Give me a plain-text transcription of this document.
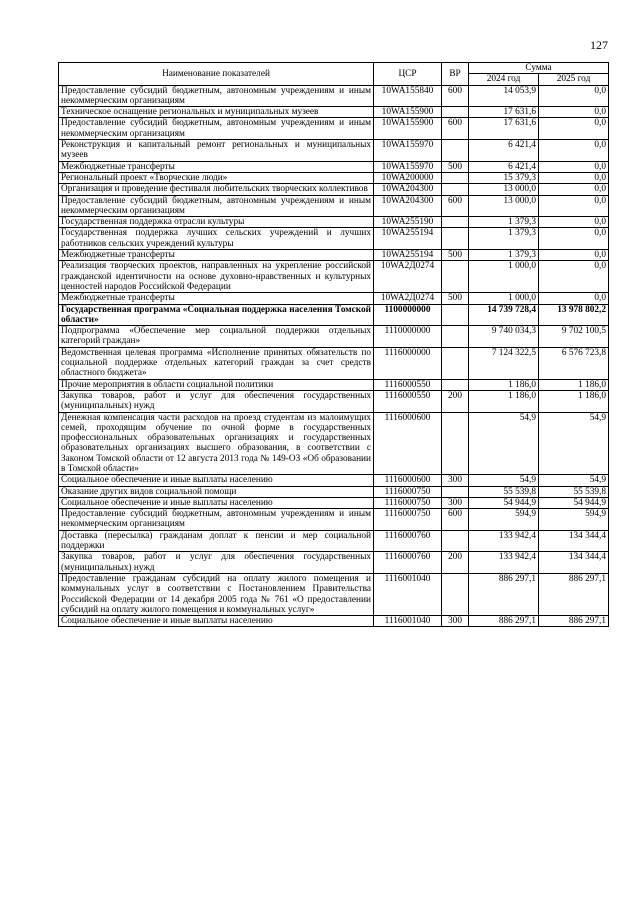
127
Наименование показателей	ЦСР	ВР	Сумма	
			2024 год	2025 год
Предоставление субсидий бюджетным, автономным учреждениям и иным некоммерческим организациям	10WA155840	600	14 053,9	0,0
Техническое оснащение региональных и муниципальных музеев	10WA155900		17 631,6	0,0
Предоставление субсидий бюджетным, автономным учреждениям и иным некоммерческим организациям	10WA155900	600	17 631,6	0,0
Реконструкция и капитальный ремонт региональных и муниципальных музеев	10WA155970		6 421,4	0,0
Межбюджетные трансферты	10WA155970	500	6 421,4	0,0
Региональный проект «Творческие люди»	10WA200000		15 379,3	0,0
Организация и проведение фестиваля любительских творческих коллективов	10WA204300		13 000,0	0,0
Предоставление субсидий бюджетным, автономным учреждениям и иным некоммерческим организациям	10WA204300	600	13 000,0	0,0
Государственная поддержка отрасли культуры	10WA255190		1 379,3	0,0
Государственная поддержка лучших сельских учреждений и лучших работников сельских учреждений культуры	10WA255194		1 379,3	0,0
Межбюджетные трансферты	10WA255194	500	1 379,3	0,0
Реализация творческих проектов, направленных на укрепление российской гражданской идентичности на основе духовно-нравственных и культурных ценностей народов Российской Федерации	10WA2Д0274		1 000,0	0,0
Межбюджетные трансферты	10WA2Д0274	500	1 000,0	0,0
Государственная программа «Социальная поддержка населения Томской области»	1100000000		14 739 728,4	13 978 802,2
Подпрограмма «Обеспечение мер социальной поддержки отдельных категорий граждан»	1110000000		9 740 034,3	9 702 100,5
Ведомственная целевая программа «Исполнение принятых обязательств по социальной поддержке отдельных категорий граждан за счет средств областного бюджета»	1116000000		7 124 322,5	6 576 723,8
Прочие мероприятия в области социальной политики	1116000550		1 186,0	1 186,0
Закупка товаров, работ и услуг для обеспечения государственных (муниципальных) нужд	1116000550	200	1 186,0	1 186,0
Денежная компенсация части расходов на проезд студентам из малоимущих семей, проходящим обучение по очной форме в государственных профессиональных образовательных организациях и государственных образовательных организациях высшего образования, в соответствии с Законом Томской области от 12 августа 2013 года № 149-ОЗ «Об образовании в Томской области»	1116000600		54,9	54,9
Социальное обеспечение и иные выплаты населению	1116000600	300	54,9	54,9
Оказание других видов социальной помощи	1116000750		55 539,8	55 539,8
Социальное обеспечение и иные выплаты населению	1116000750	300	54 944,9	54 944,9
Предоставление субсидий бюджетным, автономным учреждениям и иным некоммерческим организациям	1116000750	600	594,9	594,9
Доставка (пересылка) гражданам доплат к пенсии и мер социальной поддержки	1116000760		133 942,4	134 344,4
Закупка товаров, работ и услуг для обеспечения государственных (муниципальных) нужд	1116000760	200	133 942,4	134 344,4
Предоставление гражданам субсидий на оплату жилого помещения и коммунальных услуг в соответствии с Постановлением Правительства Российской Федерации от 14 декабря 2005 года № 761 «О предоставлении субсидий на оплату жилого помещения и коммунальных услуг»	1116001040		886 297,1	886 297,1
Социальное обеспечение и иные выплаты населению	1116001040	300	886 297,1	886 297,1
